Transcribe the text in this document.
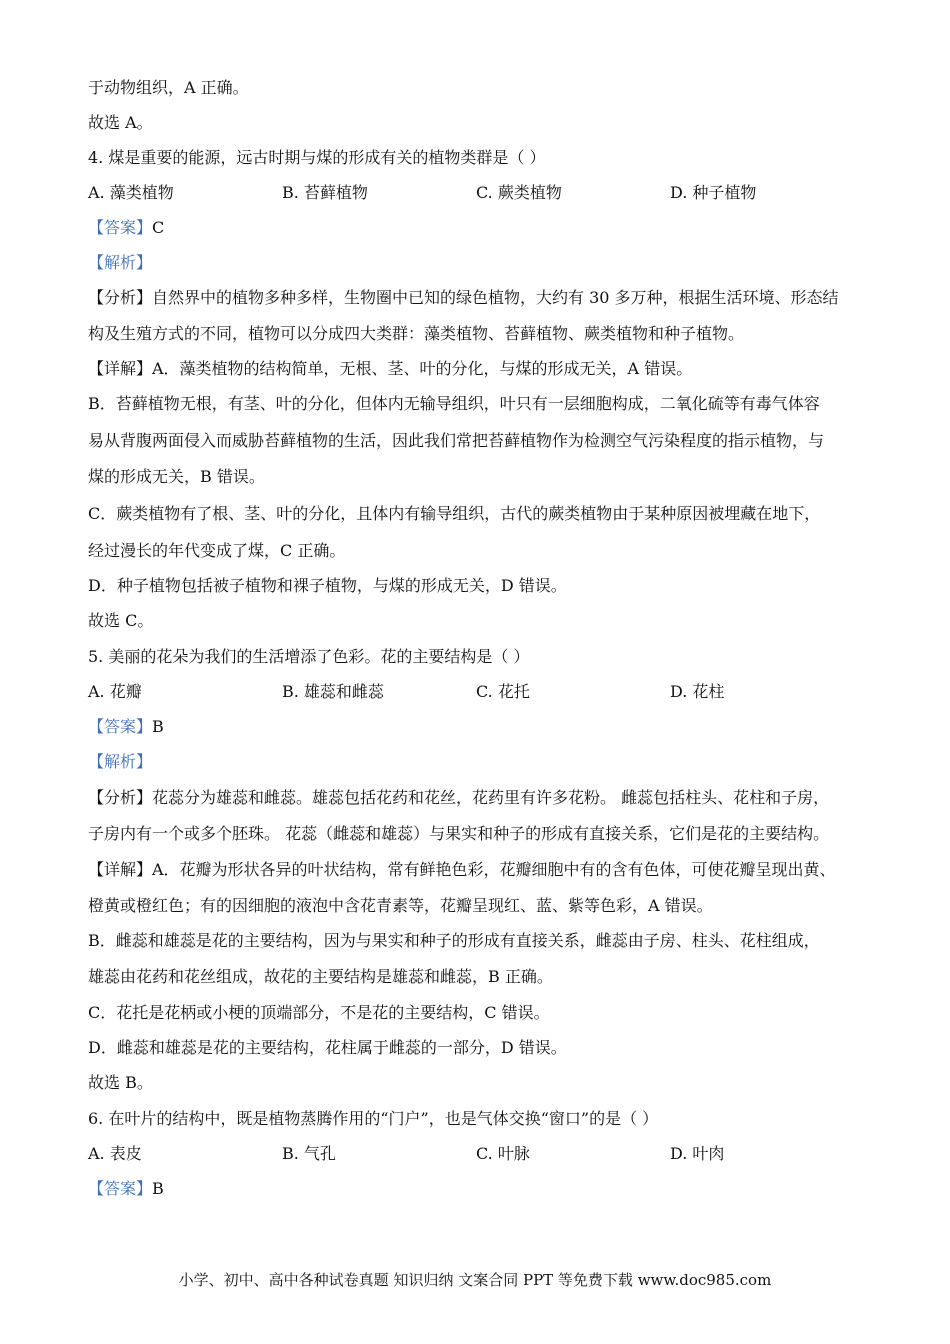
于动物组织，A 正确。
故选 A。
4. 煤是重要的能源，远古时期与煤的形成有关的植物类群是（ ）
A. 藻类植物	B. 苔藓植物	C. 蕨类植物	D. 种子植物
【答案】C
【解析】
【分析】自然界中的植物多种多样，生物圈中已知的绿色植物，大约有 30 多万种，根据生活环境、形态结
构及生殖方式的不同，植物可以分成四大类群：藻类植物、苔藓植物、蕨类植物和种子植物。
【详解】A．藻类植物的结构简单，无根、茎、叶的分化，与煤的形成无关，A 错误。
B．苔藓植物无根，有茎、叶的分化，但体内无输导组织，叶只有一层细胞构成，二氧化硫等有毒气体容
易从背腹两面侵入而威胁苔藓植物的生活，因此我们常把苔藓植物作为检测空气污染程度的指示植物，与
煤的形成无关，B 错误。
C．蕨类植物有了根、茎、叶的分化，且体内有输导组织，古代的蕨类植物由于某种原因被埋藏在地下，
经过漫长的年代变成了煤，C 正确。
D．种子植物包括被子植物和裸子植物，与煤的形成无关，D 错误。
故选 C。
5. 美丽的花朵为我们的生活增添了色彩。花的主要结构是（ ）
A. 花瓣	B. 雄蕊和雌蕊	C. 花托	D. 花柱
【答案】B
【解析】
【分析】花蕊分为雄蕊和雌蕊。雄蕊包括花药和花丝，花药里有许多花粉。 雌蕊包括柱头、花柱和子房，
子房内有一个或多个胚珠。 花蕊（雌蕊和雄蕊）与果实和种子的形成有直接关系，它们是花的主要结构。
【详解】A．花瓣为形状各异的叶状结构，常有鲜艳色彩，花瓣细胞中有的含有色体，可使花瓣呈现出黄、
橙黄或橙红色；有的因细胞的液泡中含花青素等，花瓣呈现红、蓝、紫等色彩，A 错误。
B．雌蕊和雄蕊是花的主要结构，因为与果实和种子的形成有直接关系，雌蕊由子房、柱头、花柱组成，
雄蕊由花药和花丝组成，故花的主要结构是雄蕊和雌蕊，B 正确。
C．花托是花柄或小梗的顶端部分，不是花的主要结构，C 错误。
D．雌蕊和雄蕊是花的主要结构，花柱属于雌蕊的一部分，D 错误。
故选 B。
6. 在叶片的结构中，既是植物蒸腾作用的“门户”，也是气体交换“窗口”的是（ ）
A. 表皮	B. 气孔	C. 叶脉	D. 叶肉
【答案】B
小学、初中、高中各种试卷真题 知识归纳 文案合同 PPT 等免费下载 www.doc985.com
